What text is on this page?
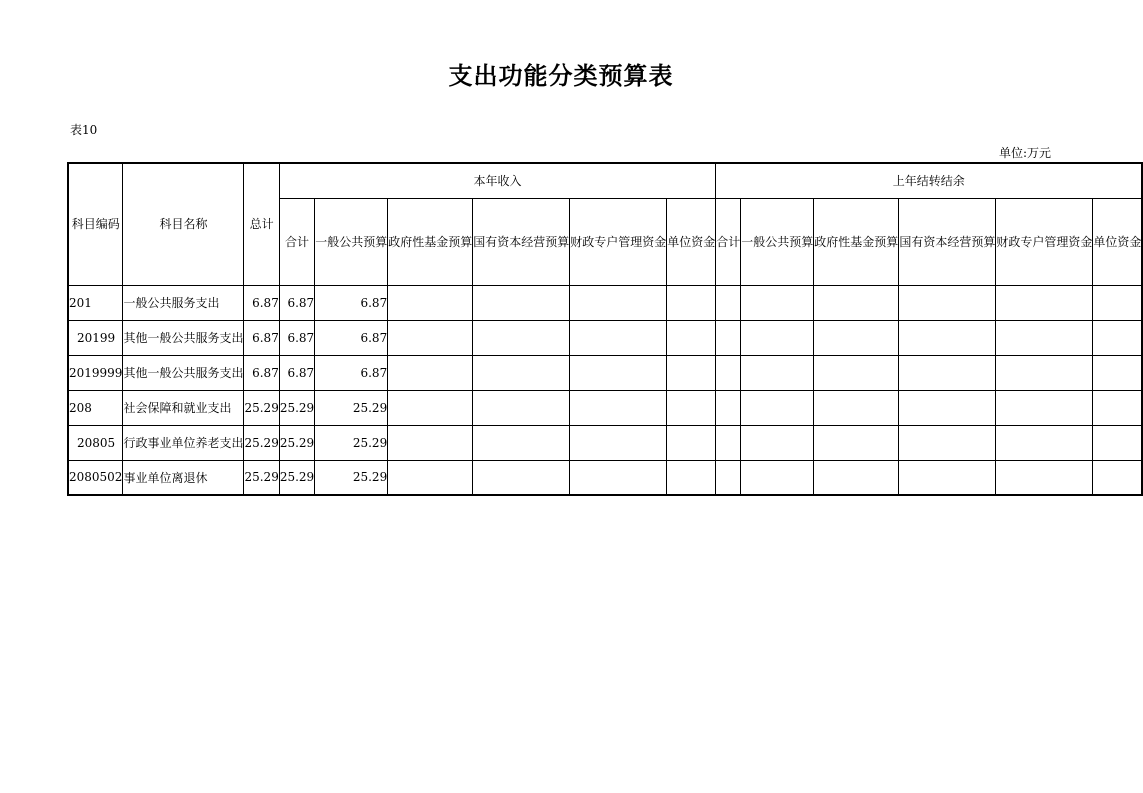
支出功能分类预算表
表10
单位:万元
科目编码	科目名称	总计	本年收入						上年结转结余					
			合计	一般公共预算	政府性基金预算	国有资本经营预算	财政专户管理资金	单位资金	合计	一般公共预算	政府性基金预算	国有资本经营预算	财政专户管理资金	单位资金
201	一般公共服务支出	6.87	6.87	6.87										
20199	其他一般公共服务支出	6.87	6.87	6.87										
2019999	其他一般公共服务支出	6.87	6.87	6.87										
208	社会保障和就业支出	25.29	25.29	25.29										
20805	行政事业单位养老支出	25.29	25.29	25.29										
2080502	事业单位离退休	25.29	25.29	25.29										
